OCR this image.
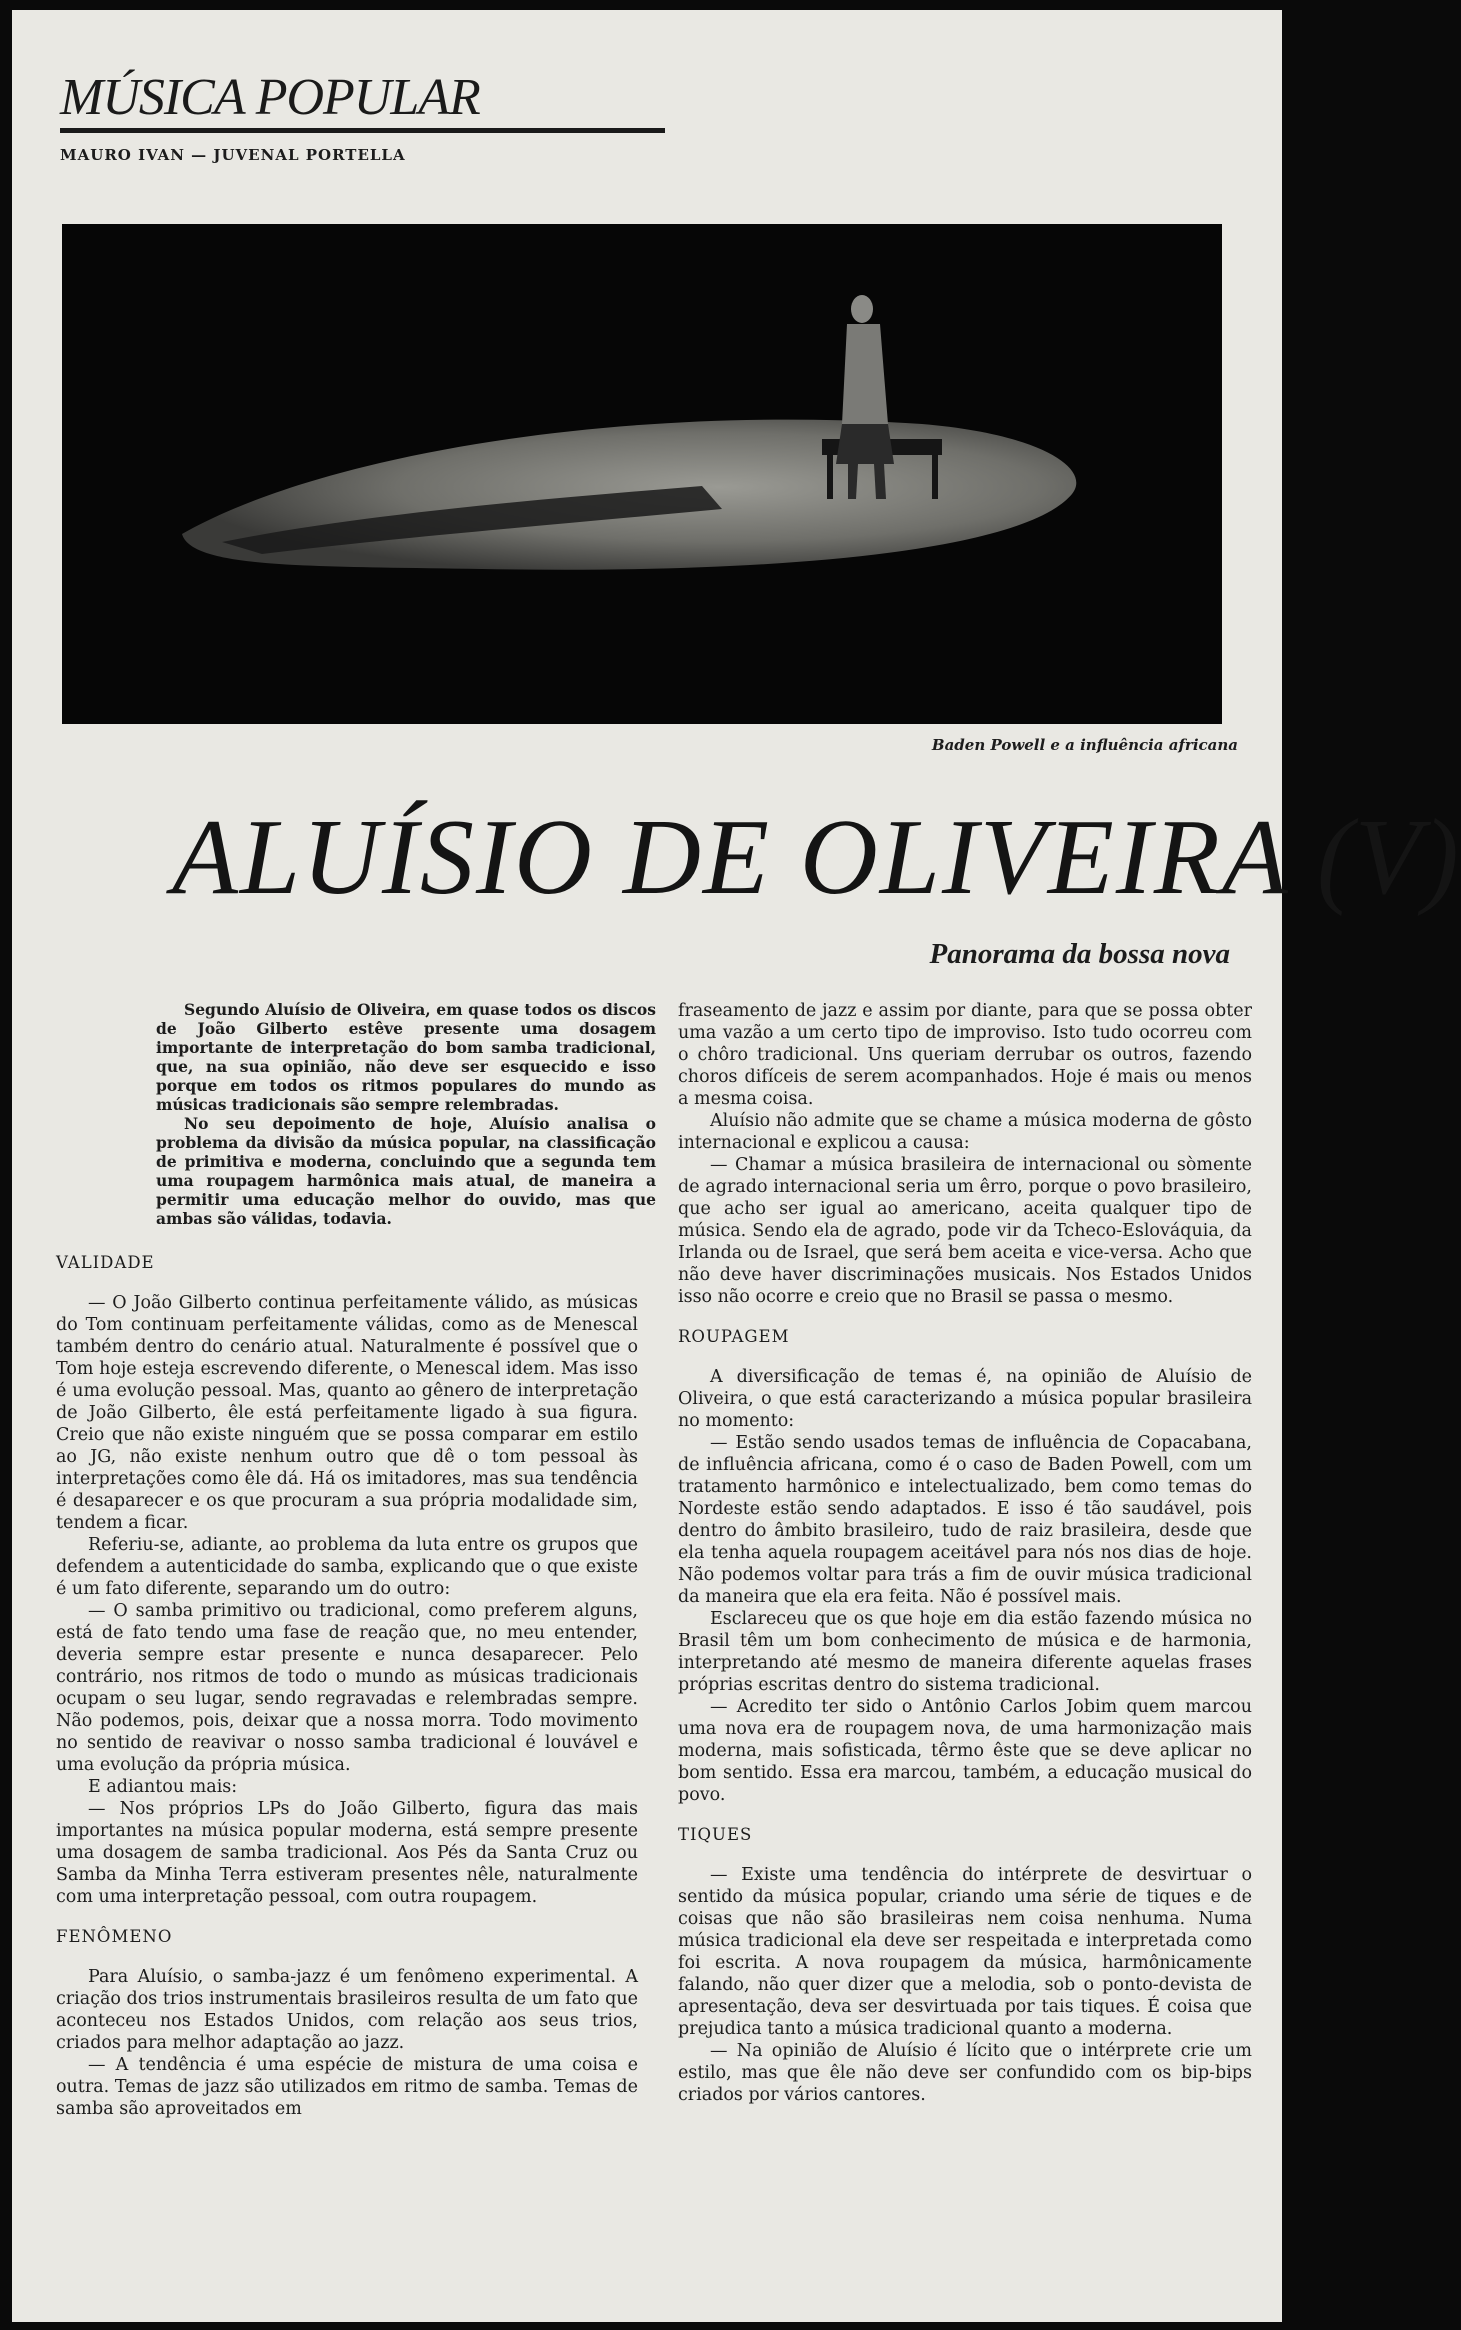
MÚSICA POPULAR
MAURO IVAN — JUVENAL PORTELLA
Baden Powell e a influência africana
ALUÍSIO DE OLIVEIRA (V)
Panorama da bossa nova

Segundo Aluísio de Oliveira, em quase todos os discos de João Gilberto estêve presente uma dosagem importante de interpretação do bom samba tradicional, que, na sua opinião, não deve ser esquecido e isso porque em todos os ritmos populares do mundo as músicas tradicionais são sempre relembradas.

No seu depoimento de hoje, Aluísio analisa o problema da divisão da música popular, na classificação de primitiva e moderna, concluindo que a segunda tem uma roupagem harmônica mais atual, de maneira a permitir uma educação melhor do ouvido, mas que ambas são válidas, todavia.

VALIDADE

— O João Gilberto continua perfeitamente válido, as músicas do Tom continuam perfeitamente válidas, como as de Menescal também dentro do cenário atual. Naturalmente é possível que o Tom hoje esteja escrevendo diferente, o Menescal idem. Mas isso é uma evolução pessoal. Mas, quanto ao gênero de interpretação de João Gilberto, êle está perfeitamente ligado à sua figura. Creio que não existe ninguém que se possa comparar em estilo ao JG, não existe nenhum outro que dê o tom pessoal às interpretações como êle dá. Há os imitadores, mas sua tendência é desaparecer e os que procuram a sua própria modalidade sim, tendem a ficar.

Referiu-se, adiante, ao problema da luta entre os grupos que defendem a autenticidade do samba, explicando que o que existe é um fato diferente, separando um do outro:

— O samba primitivo ou tradicional, como preferem alguns, está de fato tendo uma fase de reação que, no meu entender, deveria sempre estar presente e nunca desaparecer. Pelo contrário, nos ritmos de todo o mundo as músicas tradicionais ocupam o seu lugar, sendo regravadas e relembradas sempre. Não podemos, pois, deixar que a nossa morra. Todo movimento no sentido de reavivar o nosso samba tradicional é louvável e uma evolução da própria música.

E adiantou mais:

— Nos próprios LPs do João Gilberto, figura das mais importantes na música popular moderna, está sempre presente uma dosagem de samba tradicional. Aos Pés da Santa Cruz ou Samba da Minha Terra estiveram presentes nêle, naturalmente com uma interpretação pessoal, com outra roupagem.

FENÔMENO

Para Aluísio, o samba-jazz é um fenômeno experimental. A criação dos trios instrumentais brasileiros resulta de um fato que aconteceu nos Estados Unidos, com relação aos seus trios, criados para melhor adaptação ao jazz.

— A tendência é uma espécie de mistura de uma coisa e outra. Temas de jazz são utilizados em ritmo de samba. Temas de samba são aproveitados em

fraseamento de jazz e assim por diante, para que se possa obter uma vazão a um certo tipo de improviso. Isto tudo ocorreu com o chôro tradicional. Uns queriam derrubar os outros, fazendo choros difíceis de serem acompanhados. Hoje é mais ou menos a mesma coisa.

Aluísio não admite que se chame a música moderna de gôsto internacional e explicou a causa:

— Chamar a música brasileira de internacional ou sòmente de agrado internacional seria um êrro, porque o povo brasileiro, que acho ser igual ao americano, aceita qualquer tipo de música. Sendo ela de agrado, pode vir da Tcheco-Eslováquia, da Irlanda ou de Israel, que será bem aceita e vice-versa. Acho que não deve haver discriminações musicais. Nos Estados Unidos isso não ocorre e creio que no Brasil se passa o mesmo.

ROUPAGEM

A diversificação de temas é, na opinião de Aluísio de Oliveira, o que está caracterizando a música popular brasileira no momento:

— Estão sendo usados temas de influência de Copacabana, de influência africana, como é o caso de Baden Powell, com um tratamento harmônico e intelectualizado, bem como temas do Nordeste estão sendo adaptados. E isso é tão saudável, pois dentro do âmbito brasileiro, tudo de raiz brasileira, desde que ela tenha aquela roupagem aceitável para nós nos dias de hoje. Não podemos voltar para trás a fim de ouvir música tradicional da maneira que ela era feita. Não é possível mais.

Esclareceu que os que hoje em dia estão fazendo música no Brasil têm um bom conhecimento de música e de harmonia, interpretando até mesmo de maneira diferente aquelas frases próprias escritas dentro do sistema tradicional.

— Acredito ter sido o Antônio Carlos Jobim quem marcou uma nova era de roupagem nova, de uma harmonização mais moderna, mais sofisticada, têrmo êste que se deve aplicar no bom sentido. Essa era marcou, também, a educação musical do povo.

TIQUES

— Existe uma tendência do intérprete de desvirtuar o sentido da música popular, criando uma série de tiques e de coisas que não são brasileiras nem coisa nenhuma. Numa música tradicional ela deve ser respeitada e interpretada como foi escrita. A nova roupagem da música, harmônicamente falando, não quer dizer que a melodia, sob o ponto-devista de apresentação, deva ser desvirtuada por tais tiques. É coisa que prejudica tanto a música tradicional quanto a moderna.

— Na opinião de Aluísio é lícito que o intérprete crie um estilo, mas que êle não deve ser confundido com os bip-bips criados por vários cantores.
